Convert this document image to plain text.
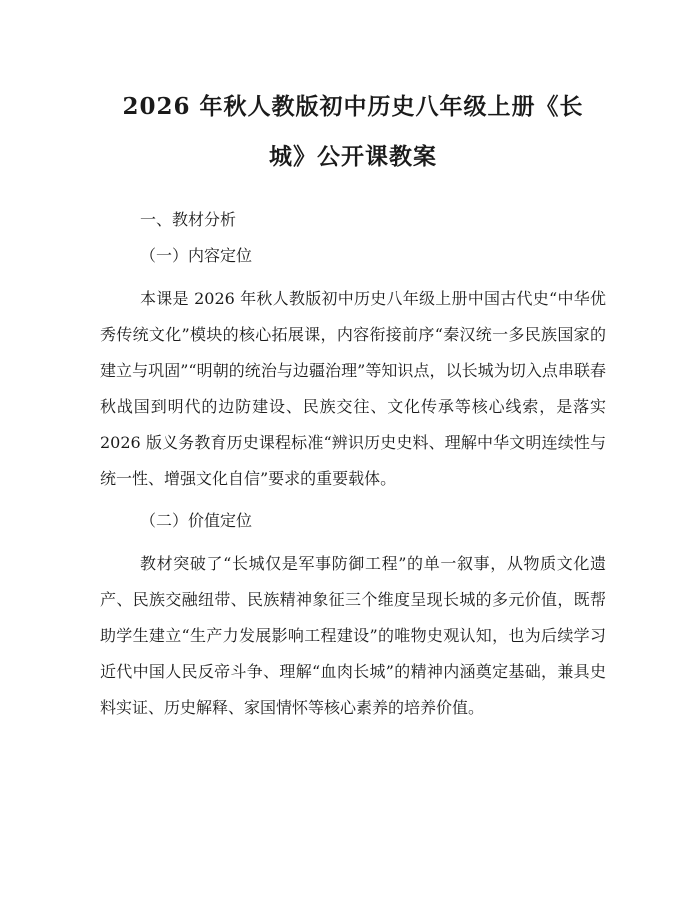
2026 年秋人教版初中历史八年级上册《长
城》公开课教案
一、教材分析
（一）内容定位

本课是 2026 年秋人教版初中历史八年级上册中国古代史“中华优秀传统文化”模块的核心拓展课，内容衔接前序“秦汉统一多民族国家的建立与巩固”“明朝的统治与边疆治理”等知识点，以长城为切入点串联春秋战国到明代的边防建设、民族交往、文化传承等核心线索，是落实 2026 版义务教育历史课程标准“辨识历史史料、理解中华文明连续性与统一性、增强文化自信”要求的重要载体。

（二）价值定位

教材突破了“长城仅是军事防御工程”的单一叙事，从物质文化遗产、民族交融纽带、民族精神象征三个维度呈现长城的多元价值，既帮助学生建立“生产力发展影响工程建设”的唯物史观认知，也为后续学习近代中国人民反帝斗争、理解“血肉长城”的精神内涵奠定基础，兼具史料实证、历史解释、家国情怀等核心素养的培养价值。
